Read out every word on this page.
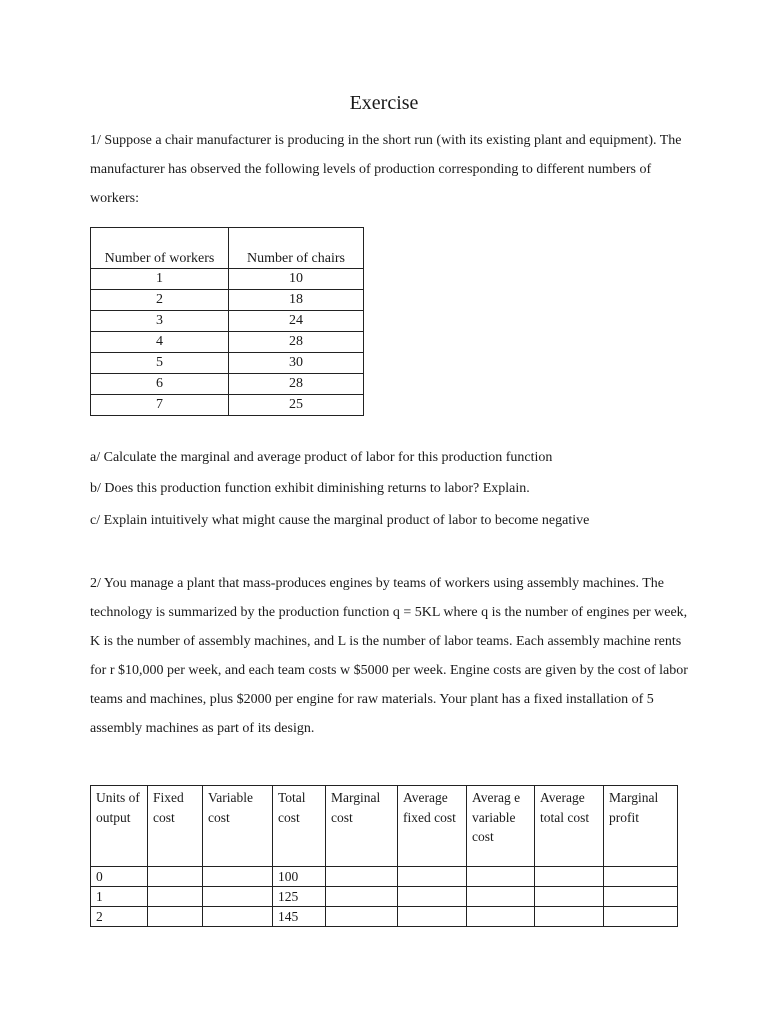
Exercise

1/ Suppose a chair manufacturer is producing in the short run (with its existing plant and equipment). The manufacturer has observed the following levels of production corresponding to different numbers of workers:

Number of workers	Number of chairs
1	10
2	18
3	24
4	28
5	30
6	28
7	25
a/ Calculate the marginal and average product of labor for this production function
b/ Does this production function exhibit diminishing returns to labor? Explain.
c/ Explain intuitively what might cause the marginal product of labor to become negative

2/ You manage a plant that mass-produces engines by teams of workers using assembly machines. The technology is summarized by the production function q = 5KL where q is the number of engines per week, K is the number of assembly machines, and L is the number of labor teams. Each assembly machine rents for r $10,000 per week, and each team costs w $5000 per week. Engine costs are given by the cost of labor teams and machines, plus $2000 per engine for raw materials. Your plant has a fixed installation of 5 assembly machines as part of its design.

Units of output	Fixed cost	Variable cost	Total cost	Marginal cost	Average fixed cost	Averag e variable cost	Average total cost	Marginal profit
0			100					
1			125					
2			145					
